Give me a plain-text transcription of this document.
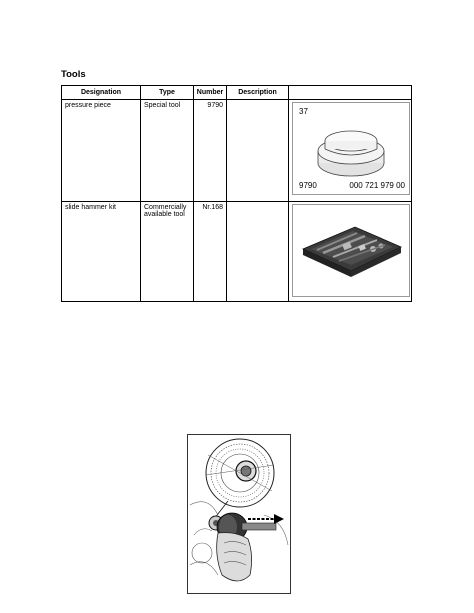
Tools
Designation	Type	Number	Description	
pressure piece	Special tool	9790		37
9790 000 721 979 00

slide hammer kit	Commercially available tool	Nr.168		
